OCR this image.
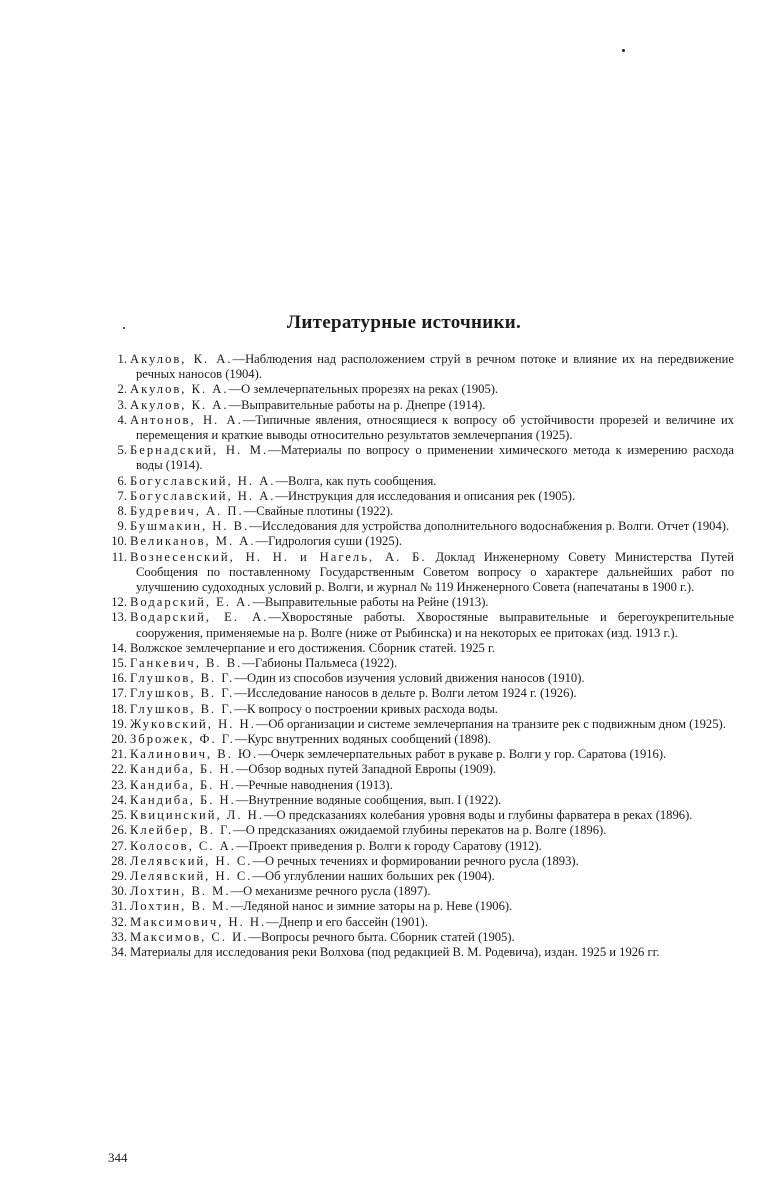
Литературные источники.
1. Акулов, К. А.—Наблюдения над расположением струй в речном потоке и влияние их на передвижение речных наносов (1904).
2. Акулов, К. А.—О землечерпательных прорезях на реках (1905).
3. Акулов, К. А.—Выправительные работы на р. Днепре (1914).
4. Антонов, Н. А.—Типичные явления, относящиеся к вопросу об устойчивости прорезей и величине их перемещения и краткие выводы относительно результатов землечерпания (1925).
5. Бернадский, Н. М.—Материалы по вопросу о применении химического метода к измерению расхода воды (1914).
6. Богуславский, Н. А.—Волга, как путь сообщения.
7. Богуславский, Н. А.—Инструкция для исследования и описания рек (1905).
8. Будревич, А. П.—Свайные плотины (1922).
9. Бушмакин, Н. В.—Исследования для устройства дополнительного водоснабжения р. Волги. Отчет (1904).
10. Великанов, М. А.—Гидрология суши (1925).
11. Вознесенский, Н. Н. и Нагель, А. Б. Доклад Инженерному Совету Министерства Путей Сообщения по поставленному Государственным Советом вопросу о характере дальнейших работ по улучшению судоходных условий р. Волги, и журнал № 119 Инженерного Совета (напечатаны в 1900 г.).
12. Водарский, Е. А.—Выправительные работы на Рейне (1913).
13. Водарский, Е. А.—Хворостяные работы. Хворостяные выправительные и берегоукрепительные сооружения, применяемые на р. Волге (ниже от Рыбинска) и на некоторых ее притоках (изд. 1913 г.).
14. Волжское землечерпание и его достижения. Сборник статей. 1925 г.
15. Ганкевич, В. В.—Габионы Пальмеса (1922).
16. Глушков, В. Г.—Один из способов изучения условий движения наносов (1910).
17. Глушков, В. Г.—Исследование наносов в дельте р. Волги летом 1924 г. (1926).
18. Глушков, В. Г.—К вопросу о построении кривых расхода воды.
19. Жуковский, Н. Н.—Об организации и системе землечерпания на транзите рек с подвижным дном (1925).
20. Зброжек, Ф. Г.—Курс внутренних водяных сообщений (1898).
21. Калинович, В. Ю.—Очерк землечерпательных работ в рукаве р. Волги у гор. Саратова (1916).
22. Кандиба, Б. Н.—Обзор водных путей Западной Европы (1909).
23. Кандиба, Б. Н.—Речные наводнения (1913).
24. Кандиба, Б. Н.—Внутренние водяные сообщения, вып. I (1922).
25. Квицинский, Л. Н.—О предсказаниях колебания уровня воды и глубины фарватера в реках (1896).
26. Клейбер, В. Г.—О предсказаниях ожидаемой глубины перекатов на р. Волге (1896).
27. Колосов, С. А.—Проект приведения р. Волги к городу Саратову (1912).
28. Лелявский, Н. С.—О речных течениях и формировании речного русла (1893).
29. Лелявский, Н. С.—Об углублении наших больших рек (1904).
30. Лохтин, В. М.—О механизме речного русла (1897).
31. Лохтин, В. М.—Ледяной нанос и зимние заторы на р. Неве (1906).
32. Максимович, Н. Н.—Днепр и его бассейн (1901).
33. Максимов, С. И.—Вопросы речного быта. Сборник статей (1905).
34. Материалы для исследования реки Волхова (под редакцией В. М. Родевича), издан. 1925 и 1926 гг.
344
